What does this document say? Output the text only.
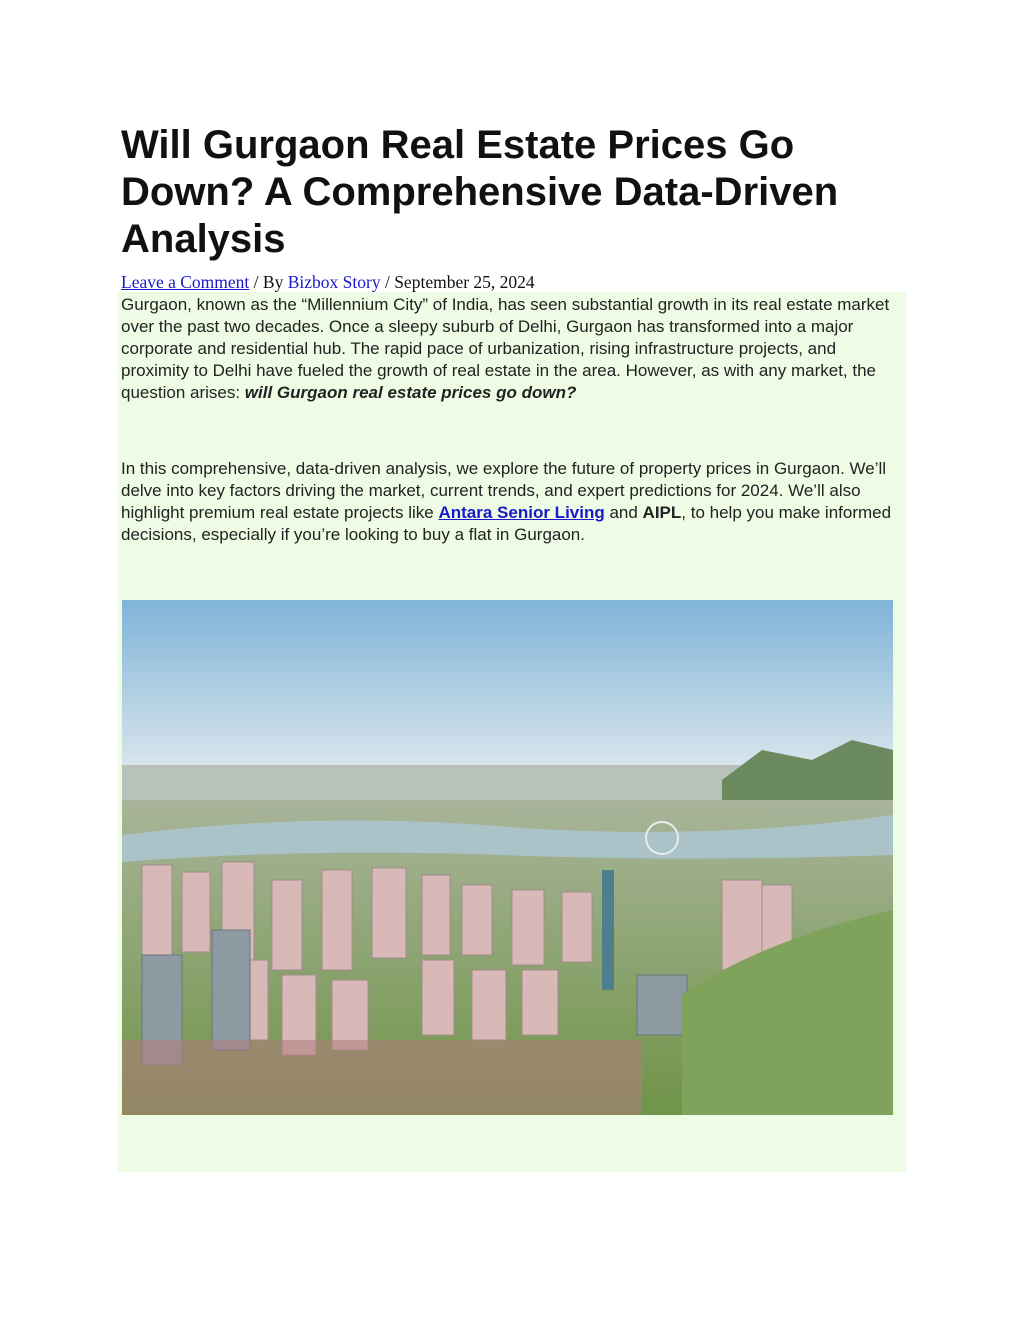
Will Gurgaon Real Estate Prices Go Down? A Comprehensive Data-Driven Analysis
Leave a Comment / By Bizbox Story / September 25, 2024

Gurgaon, known as the “Millennium City” of India, has seen substantial growth in its real estate market over the past two decades. Once a sleepy suburb of Delhi, Gurgaon has transformed into a major corporate and residential hub. The rapid pace of urbanization, rising infrastructure projects, and proximity to Delhi have fueled the growth of real estate in the area. However, as with any market, the question arises: will Gurgaon real estate prices go down?

In this comprehensive, data-driven analysis, we explore the future of property prices in Gurgaon. We’ll delve into key factors driving the market, current trends, and expert predictions for 2024. We’ll also highlight premium real estate projects like Antara Senior Living and AIPL, to help you make informed decisions, especially if you’re looking to buy a flat in Gurgaon.
